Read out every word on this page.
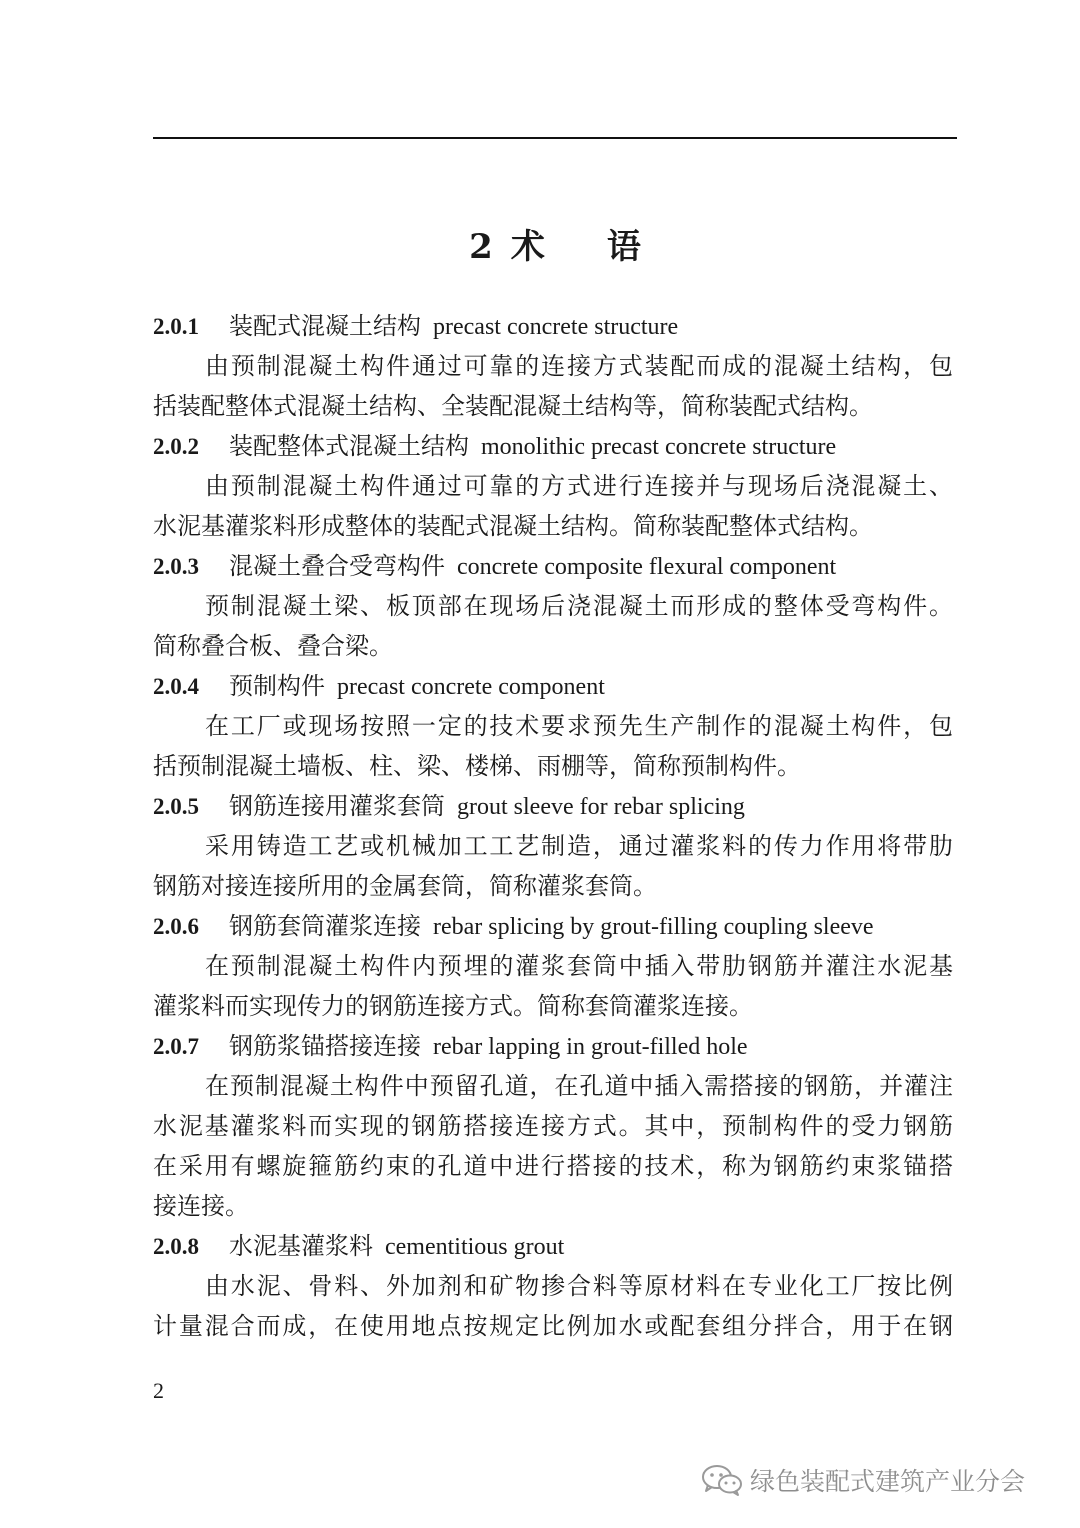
2 术 语
2.0.1 装配式混凝土结构 precast concrete structure
由预制混凝土构件通过可靠的连接方式装配而成的混凝土结构，包
括装配整体式混凝土结构、全装配混凝土结构等，简称装配式结构。
2.0.2 装配整体式混凝土结构 monolithic precast concrete structure
由预制混凝土构件通过可靠的方式进行连接并与现场后浇混凝土、
水泥基灌浆料形成整体的装配式混凝土结构。简称装配整体式结构。
2.0.3 混凝土叠合受弯构件 concrete composite flexural component
预制混凝土梁、板顶部在现场后浇混凝土而形成的整体受弯构件。
简称叠合板、叠合梁。
2.0.4 预制构件 precast concrete component
在工厂或现场按照一定的技术要求预先生产制作的混凝土构件，包
括预制混凝土墙板、柱、梁、楼梯、雨棚等，简称预制构件。
2.0.5 钢筋连接用灌浆套筒 grout sleeve for rebar splicing
采用铸造工艺或机械加工工艺制造，通过灌浆料的传力作用将带肋
钢筋对接连接所用的金属套筒，简称灌浆套筒。
2.0.6 钢筋套筒灌浆连接 rebar splicing by grout-filling coupling sleeve
在预制混凝土构件内预埋的灌浆套筒中插入带肋钢筋并灌注水泥基
灌浆料而实现传力的钢筋连接方式。简称套筒灌浆连接。
2.0.7 钢筋浆锚搭接连接 rebar lapping in grout-filled hole
在预制混凝土构件中预留孔道，在孔道中插入需搭接的钢筋，并灌注
水泥基灌浆料而实现的钢筋搭接连接方式。其中，预制构件的受力钢筋
在采用有螺旋箍筋约束的孔道中进行搭接的技术，称为钢筋约束浆锚搭
接连接。
2.0.8 水泥基灌浆料 cementitious grout
由水泥、骨料、外加剂和矿物掺合料等原材料在专业化工厂按比例
计量混合而成，在使用地点按规定比例加水或配套组分拌合，用于在钢
2
绿色装配式建筑产业分会
